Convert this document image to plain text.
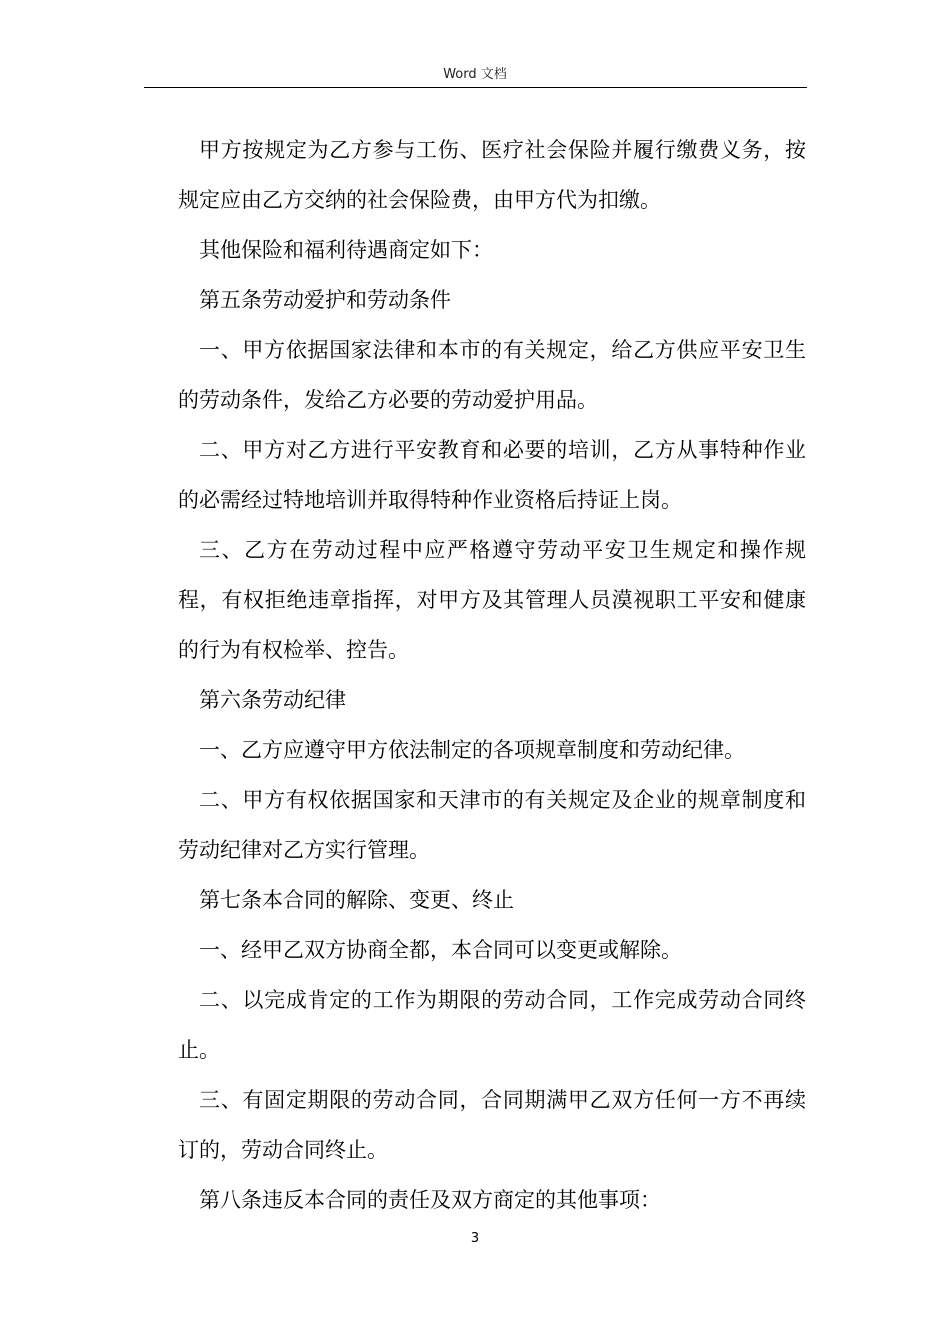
Word 文档

甲方按规定为乙方参与工伤、医疗社会保险并履行缴费义务，按规定应由乙方交纳的社会保险费，由甲方代为扣缴。

其他保险和福利待遇商定如下：

第五条劳动爱护和劳动条件

一、甲方依据国家法律和本市的有关规定，给乙方供应平安卫生的劳动条件，发给乙方必要的劳动爱护用品。

二、甲方对乙方进行平安教育和必要的培训，乙方从事特种作业的必需经过特地培训并取得特种作业资格后持证上岗。

三、乙方在劳动过程中应严格遵守劳动平安卫生规定和操作规程，有权拒绝违章指挥，对甲方及其管理人员漠视职工平安和健康的行为有权检举、控告。

第六条劳动纪律

一、乙方应遵守甲方依法制定的各项规章制度和劳动纪律。

二、甲方有权依据国家和天津市的有关规定及企业的规章制度和劳动纪律对乙方实行管理。

第七条本合同的解除、变更、终止

一、经甲乙双方协商全都，本合同可以变更或解除。

二、以完成肯定的工作为期限的劳动合同，工作完成劳动合同终止。

三、有固定期限的劳动合同，合同期满甲乙双方任何一方不再续订的，劳动合同终止。

第八条违反本合同的责任及双方商定的其他事项：

3
